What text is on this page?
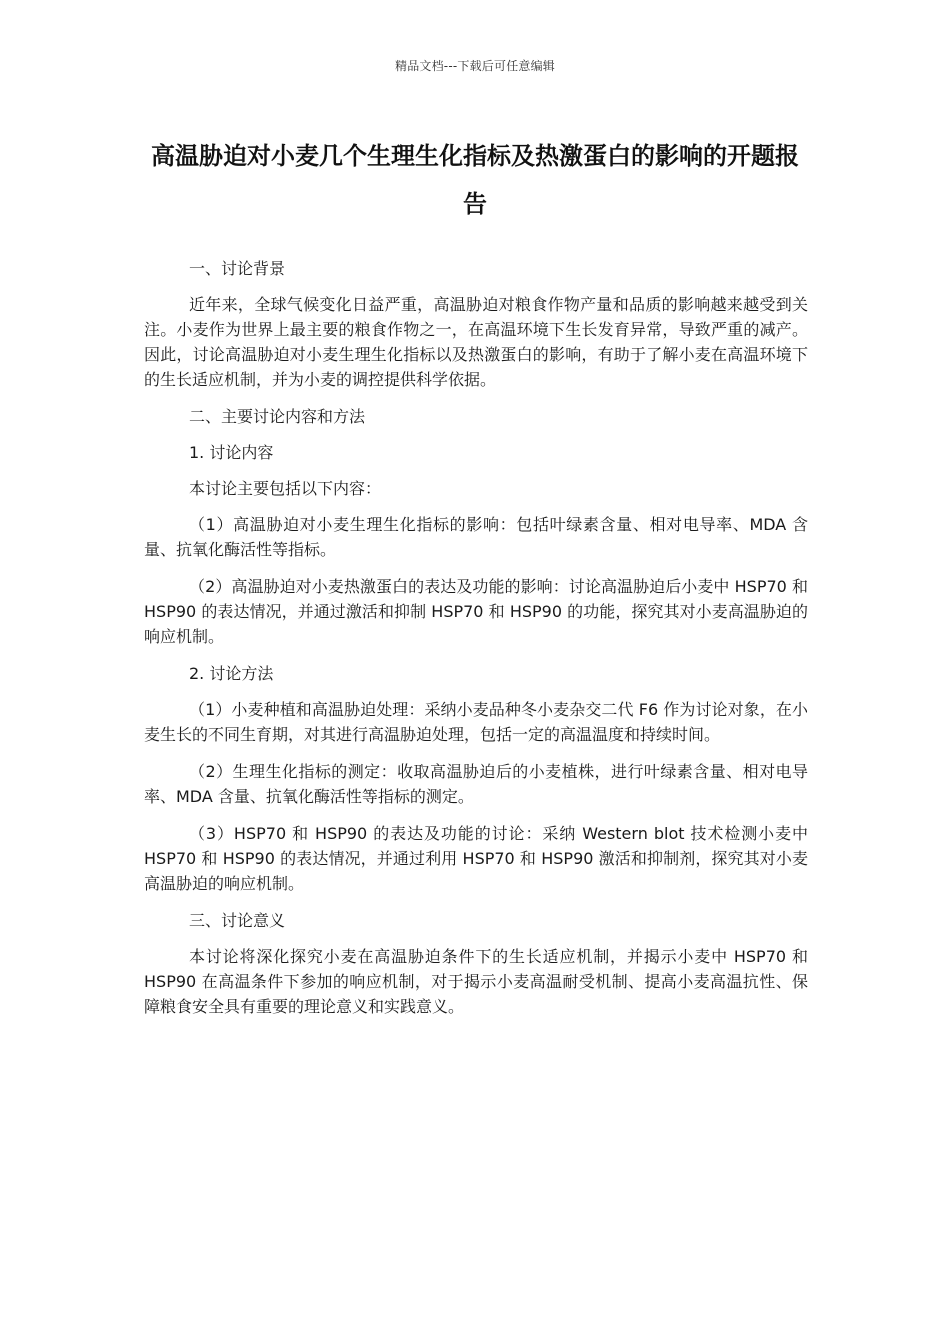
精品文档---下载后可任意编辑
高温胁迫对小麦几个生理生化指标及热激蛋白的影响的开题报告

一、讨论背景

近年来，全球气候变化日益严重，高温胁迫对粮食作物产量和品质的影响越来越受到关注。小麦作为世界上最主要的粮食作物之一，在高温环境下生长发育异常，导致严重的减产。因此，讨论高温胁迫对小麦生理生化指标以及热激蛋白的影响，有助于了解小麦在高温环境下的生长适应机制，并为小麦的调控提供科学依据。

二、主要讨论内容和方法

1. 讨论内容

本讨论主要包括以下内容：

（1）高温胁迫对小麦生理生化指标的影响：包括叶绿素含量、相对电导率、MDA 含量、抗氧化酶活性等指标。

（2）高温胁迫对小麦热激蛋白的表达及功能的影响：讨论高温胁迫后小麦中 HSP70 和 HSP90 的表达情况，并通过激活和抑制 HSP70 和 HSP90 的功能，探究其对小麦高温胁迫的响应机制。

2. 讨论方法

（1）小麦种植和高温胁迫处理：采纳小麦品种冬小麦杂交二代 F6 作为讨论对象，在小麦生长的不同生育期，对其进行高温胁迫处理，包括一定的高温温度和持续时间。

（2）生理生化指标的测定：收取高温胁迫后的小麦植株，进行叶绿素含量、相对电导率、MDA 含量、抗氧化酶活性等指标的测定。

（3）HSP70 和 HSP90 的表达及功能的讨论：采纳 Western blot 技术检测小麦中 HSP70 和 HSP90 的表达情况，并通过利用 HSP70 和 HSP90 激活和抑制剂，探究其对小麦高温胁迫的响应机制。

三、讨论意义

本讨论将深化探究小麦在高温胁迫条件下的生长适应机制，并揭示小麦中 HSP70 和 HSP90 在高温条件下参加的响应机制，对于揭示小麦高温耐受机制、提高小麦高温抗性、保障粮食安全具有重要的理论意义和实践意义。
